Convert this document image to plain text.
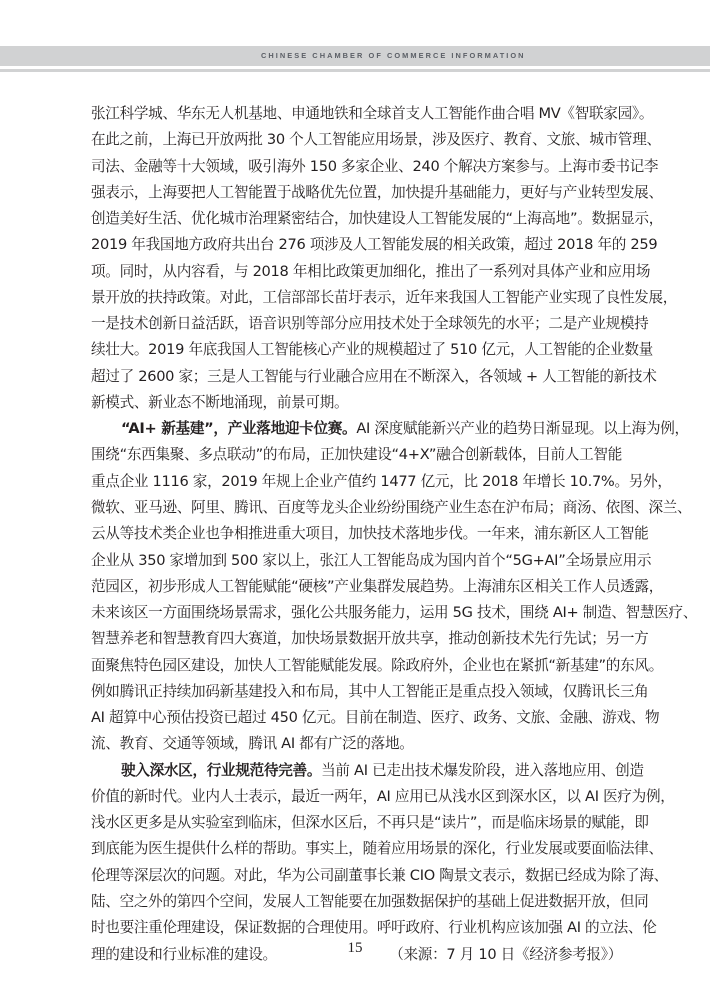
CHINESE CHAMBER OF COMMERCE INFORMATION
张江科学城、华东无人机基地、申通地铁和全球首支人工智能作曲合唱 MV《智联家园》。
在此之前，上海已开放两批 30 个人工智能应用场景，涉及医疗、教育、文旅、城市管理、
司法、金融等十大领域，吸引海外 150 多家企业、240 个解决方案参与。上海市委书记李
强表示，上海要把人工智能置于战略优先位置，加快提升基础能力，更好与产业转型发展、
创造美好生活、优化城市治理紧密结合，加快建设人工智能发展的“上海高地”。数据显示，
2019 年我国地方政府共出台 276 项涉及人工智能发展的相关政策，超过 2018 年的 259
项。同时，从内容看，与 2018 年相比政策更加细化，推出了一系列对具体产业和应用场
景开放的扶持政策。对此，工信部部长苗圩表示，近年来我国人工智能产业实现了良性发展，
一是技术创新日益活跃，语音识别等部分应用技术处于全球领先的水平；二是产业规模持
续壮大。2019 年底我国人工智能核心产业的规模超过了 510 亿元，人工智能的企业数量
超过了 2600 家；三是人工智能与行业融合应用在不断深入，各领域 + 人工智能的新技术
新模式、新业态不断地涌现，前景可期。
“AI+ 新基建”，产业落地迎卡位赛。AI 深度赋能新兴产业的趋势日渐显现。以上海为例，
围绕“东西集聚、多点联动”的布局，正加快建设“4+X”融合创新载体，目前人工智能
重点企业 1116 家，2019 年规上企业产值约 1477 亿元，比 2018 年增长 10.7%。另外，
微软、亚马逊、阿里、腾讯、百度等龙头企业纷纷围绕产业生态在沪布局；商汤、依图、深兰、
云从等技术类企业也争相推进重大项目，加快技术落地步伐。一年来，浦东新区人工智能
企业从 350 家增加到 500 家以上，张江人工智能岛成为国内首个“5G+AI”全场景应用示
范园区，初步形成人工智能赋能“硬核”产业集群发展趋势。上海浦东区相关工作人员透露，
未来该区一方面围绕场景需求，强化公共服务能力，运用 5G 技术，围绕 AI+ 制造、智慧医疗、
智慧养老和智慧教育四大赛道，加快场景数据开放共享，推动创新技术先行先试；另一方
面聚焦特色园区建设，加快人工智能赋能发展。除政府外，企业也在紧抓“新基建”的东风。
例如腾讯正持续加码新基建投入和布局，其中人工智能正是重点投入领域，仅腾讯长三角
AI 超算中心预估投资已超过 450 亿元。目前在制造、医疗、政务、文旅、金融、游戏、物
流、教育、交通等领域，腾讯 AI 都有广泛的落地。
驶入深水区，行业规范待完善。当前 AI 已走出技术爆发阶段，进入落地应用、创造
价值的新时代。业内人士表示，最近一两年，AI 应用已从浅水区到深水区，以 AI 医疗为例，
浅水区更多是从实验室到临床，但深水区后，不再只是“读片”，而是临床场景的赋能，即
到底能为医生提供什么样的帮助。事实上，随着应用场景的深化，行业发展或要面临法律、
伦理等深层次的问题。对此，华为公司副董事长兼 CIO 陶景文表示，数据已经成为除了海、
陆、空之外的第四个空间，发展人工智能要在加强数据保护的基础上促进数据开放，但同
时也要注重伦理建设，保证数据的合理使用。呼吁政府、行业机构应该加强 AI 的立法、伦
理的建设和行业标准的建设。	（来源：7 月 10 日《经济参考报》）
15
